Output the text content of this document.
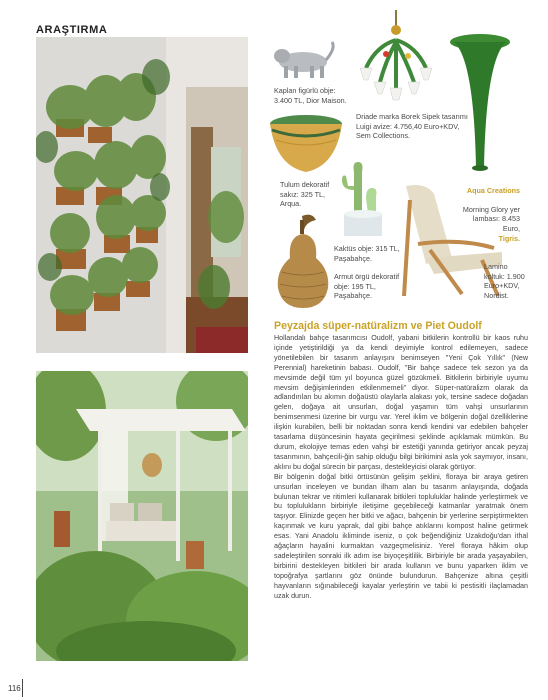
ARAŞTIRMA
Kaplan figürlü obje:
3.400 TL, Dior Maison.
Driade marka Borek Sipek tasarımı
Luigi avize: 4.756,40 Euro+KDV,
Sem Collections.

Aqua Creations

Morning Glory yer
lambası: 8.453 Euro,
Tigris.

Tulum dekoratif
sakız: 325 TL,
Arqua.
Kaktüs obje: 315 TL,
Paşabahçe.
Armut örgü dekoratif
obje: 195 TL,
Paşabahçe.
Lamino
koltuk: 1.900
Euro+KDV,
Nordist.
Peyzajda süper-natüralizm ve Piet Oudolf

Hollandalı bahçe tasarımcısı Oudolf, yabani bitkilerin kontrollü bir kaos ruhu içinde yetiştirildiği ya da kendi deyimiyle kontrol edilemeyen, sadece yönetilebilen bir tasarım anlayışını benimseyen "Yeni Çok Yıllık" (New Perennial) hareketinin babası. Oudolf, "Bir bahçe sadece tek sezon ya da mevsimde değil tüm yıl boyunca güzel gözükmeli. Bitkilerin birbiriyle uyumu mevsim değişimlerinden etkilenmemeli" diyor. Süper-natüralizm olarak da adlandırılan bu akımın doğaüstü olaylarla alakası yok, tersine sadece doğadan gelen, doğaya ait unsurları, doğal yaşamın tüm vahşi unsurlarının benimsenmesi üzerine bir vurgu var. Yerel iklim ve bölgenin doğal özelliklerine ilişkin kurabilen, belli bir noktadan sonra kendi kendini var edebilen bahçeler tasarlama düşüncesinin hayata geçirilmesi şeklinde açıklamak mümkün. Bu durum, ekolojiye temas eden vahşi bir estetiği yanında getiriyor ancak peyzaj tasarımının, bahçecili-ğin sahip olduğu bilgi birikimini asla yok saymıyor, insanı, aklını bu doğal sürecin bir parçası, destekleyicisi olarak görüyor.
Bir bölgenin doğal bitki örtüsünün gelişim şeklini, floraya bir araya getiren unsurları inceleyen ve bundan ilham alan bu tasarım anlayışında, doğada bulunan tekrar ve ritimleri kullanarak bitkileri topluluklar halinde yerleştirmek ve bu toplulukların birbiriyle iletişime geçebileceği katmanlar yaratmak önem taşıyor. Elinizde geçen her bitki ve ağacı, bahçenin bir yerlerine serpiştirmekten kaçınmak ve kuru yaprak, dal gibi bahçe atıklarını kompost haline getirmek esas. Yani Anadolu ikliminde iseniz, o çok beğendiğiniz Uzakdoğu'dan ithal ağaçların hayalini kurmaktan vazgeçmelisiniz. Yerel floraya hâkim olup sadeleştirilen sonraki ilk adım ise biyoçeşitlilik. Birbiriyle bir arada yaşayabilen, birbirini destekleyen bitkileri bir arada kullanın ve bunu yaparken iklim ve topoğrafya şartlarını göz önünde bulundurun. Bahçenize altına çeşitli hayvanların sığınabileceği kayalar yerleştirin ve tabii ki pestisitli ilaçlamadan uzak durun.

116
